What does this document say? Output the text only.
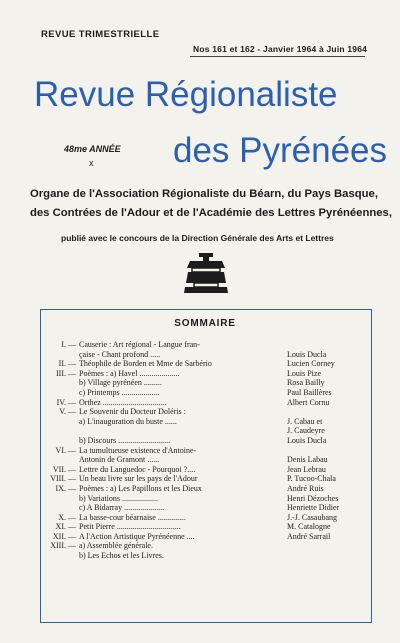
REVUE TRIMESTRIELLE
Nos 161 et 162 - Janvier 1964 à Juin 1964
Revue Régionaliste
48me ANNÉE
x des Pyrénées
Organe de l'Association Régionaliste du Béarn, du Pays Basque,
des Contrées de l'Adour et de l'Académie des Lettres Pyrénéennes,
publié avec le concours de la Direction Générale des Arts et Lettres
SOMMAIRE
I. — Causerie : Art régional - Langue fran-
çaise - Chant profond .....	Louis Ducla
II. — Théophile de Borden et Mme de Sarbério	Lucien Corney
III. — Poèmes : a) Havel ....................	Louis Pize
b) Village pyrénéen .........	Rosa Bailly
c) Printemps ...................	Paul Baillères
IV. — Orthez ................................	Albert Cornu
V. — Le Souvenir du Docteur Doléris :
a) L'inauguration du buste ......	J. Cabau et
J. Caudeyre
b) Discours ..........................	Louis Ducla
VI. — La tumultueuse existence d'Antoine-
Antonin de Gramont ......	Denis Labau
VII. — Lettre du Languedoc - Pourquoi ?....	Jean Lebrau
VIII. — Un beau livre sur les pays de l'Adour	P. Tucoo-Chala
IX. — Poèmes : a) Les Papillons et les Dieux	André Ruis
b) Variations ..................	Henri Dézoches
c) A Bidarray ....................	Henriette Didier
X. — La basse-cour béarnaise ..............	J.-J. Casaubang
XI. — Petit Pierre ................................	M. Catalogne
XII. — A l'Action Artistique Pyrénéenne ....	André Sarrail
XIII. — a) Assemblée générale.
b) Les Echos et les Livres.
